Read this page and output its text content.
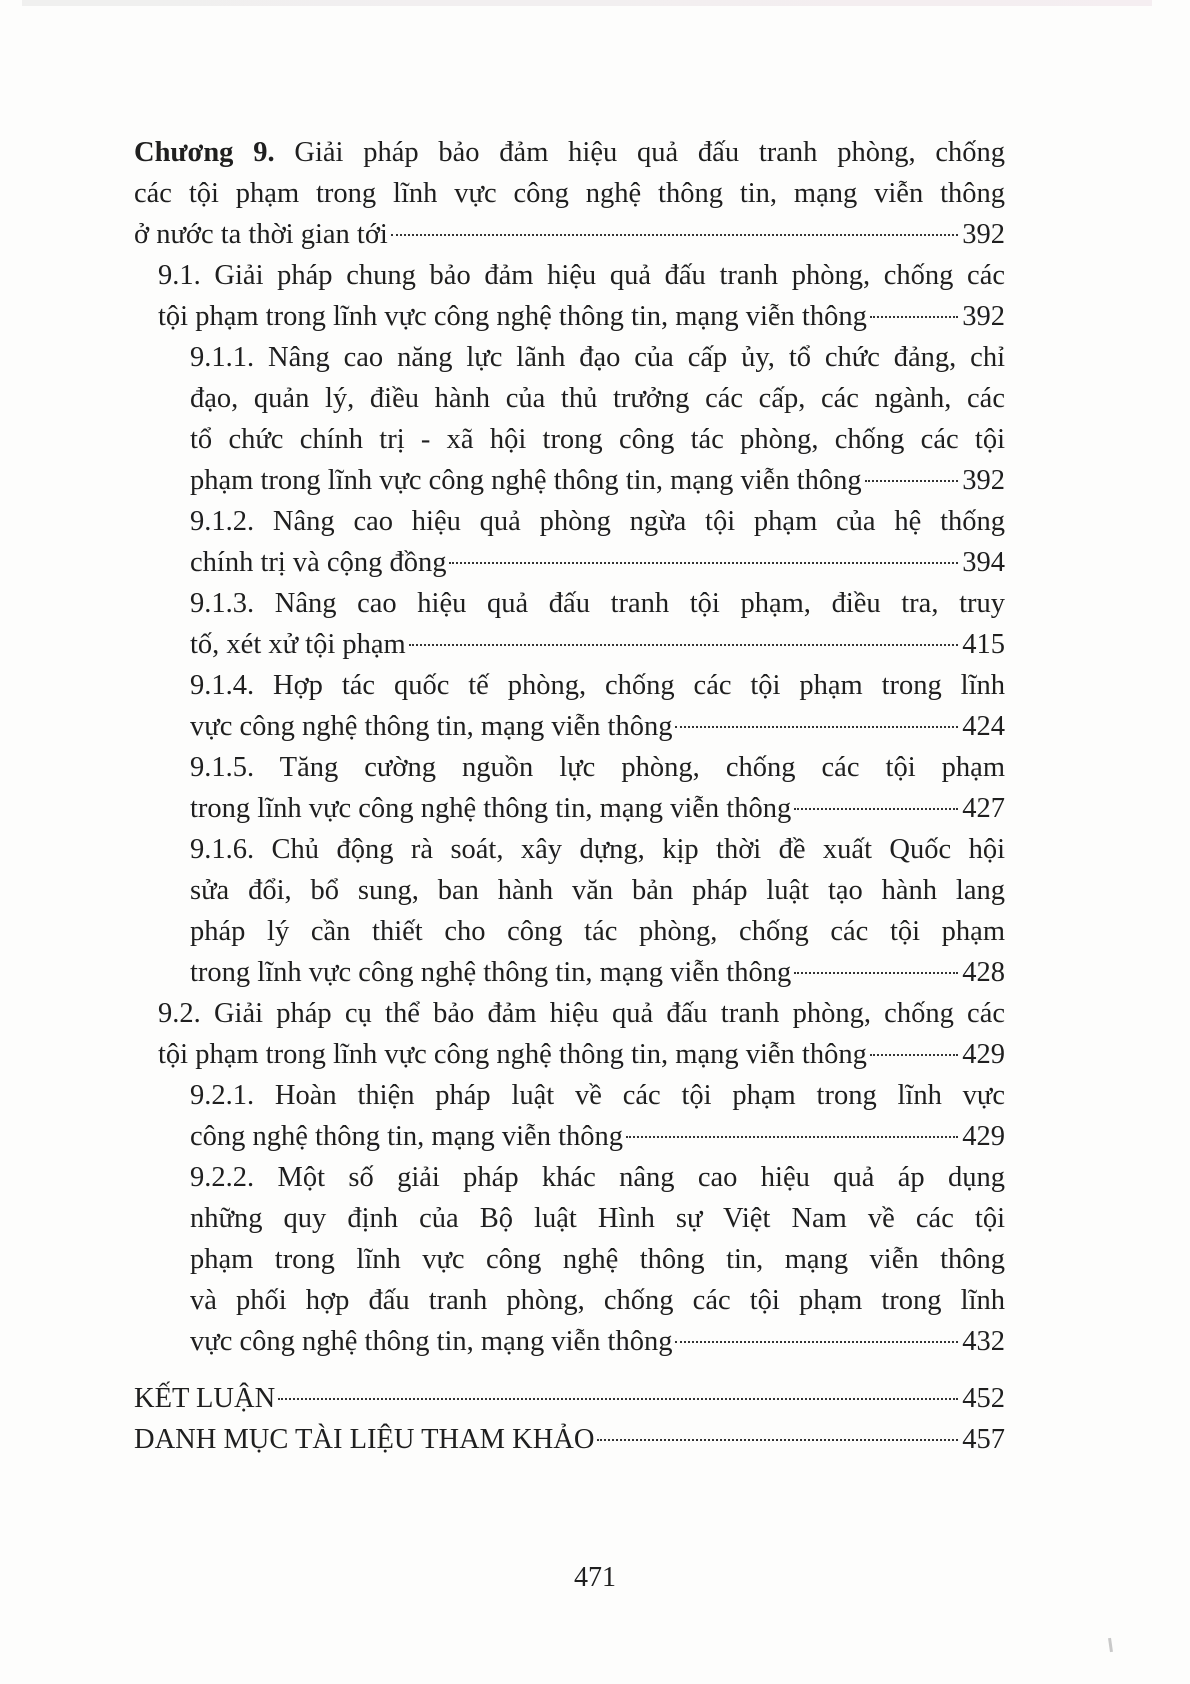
Chương 9. Giải pháp bảo đảm hiệu quả đấu tranh phòng, chống
các tội phạm trong lĩnh vực công nghệ thông tin, mạng viễn thông
ở nước ta thời gian tới	392
9.1. Giải pháp chung bảo đảm hiệu quả đấu tranh phòng, chống các
tội phạm trong lĩnh vực công nghệ thông tin, mạng viễn thông	392
9.1.1. Nâng cao năng lực lãnh đạo của cấp ủy, tổ chức đảng, chỉ
đạo, quản lý, điều hành của thủ trưởng các cấp, các ngành, các
tổ chức chính trị - xã hội trong công tác phòng, chống các tội
phạm trong lĩnh vực công nghệ thông tin, mạng viễn thông	392
9.1.2. Nâng cao hiệu quả phòng ngừa tội phạm của hệ thống
chính trị và cộng đồng	394
9.1.3. Nâng cao hiệu quả đấu tranh tội phạm, điều tra, truy
tố, xét xử tội phạm	415
9.1.4. Hợp tác quốc tế phòng, chống các tội phạm trong lĩnh
vực công nghệ thông tin, mạng viễn thông	424
9.1.5. Tăng cường nguồn lực phòng, chống các tội phạm
trong lĩnh vực công nghệ thông tin, mạng viễn thông	427
9.1.6. Chủ động rà soát, xây dựng, kịp thời đề xuất Quốc hội
sửa đổi, bổ sung, ban hành văn bản pháp luật tạo hành lang
pháp lý cần thiết cho công tác phòng, chống các tội phạm
trong lĩnh vực công nghệ thông tin, mạng viễn thông	428
9.2. Giải pháp cụ thể bảo đảm hiệu quả đấu tranh phòng, chống các
tội phạm trong lĩnh vực công nghệ thông tin, mạng viễn thông	429
9.2.1. Hoàn thiện pháp luật về các tội phạm trong lĩnh vực
công nghệ thông tin, mạng viễn thông	429
9.2.2. Một số giải pháp khác nâng cao hiệu quả áp dụng
những quy định của Bộ luật Hình sự Việt Nam về các tội
phạm trong lĩnh vực công nghệ thông tin, mạng viễn thông
và phối hợp đấu tranh phòng, chống các tội phạm trong lĩnh
vực công nghệ thông tin, mạng viễn thông	432
KẾT LUẬN	452
DANH MỤC TÀI LIỆU THAM KHẢO	457
471
